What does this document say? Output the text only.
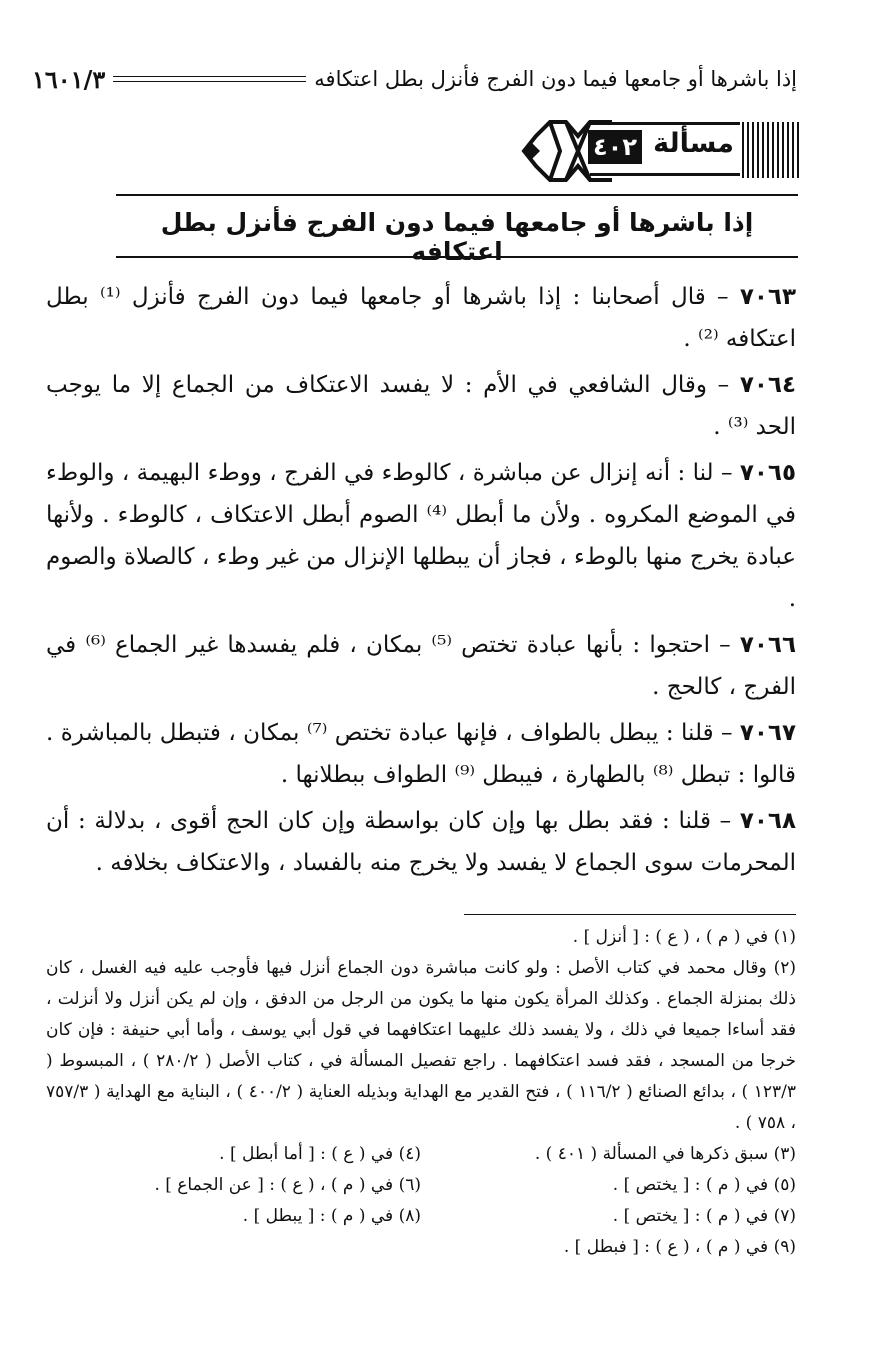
إذا باشرها أو جامعها فيما دون الفرج فأنزل بطل اعتكافه
١٦٠١/٣
مسألة
٤٠٢
إذا باشرها أو جامعها فيما دون الفرج فأنزل بطل اعتكافه

٧٠٦٣ – قال أصحابنا : إذا باشرها أو جامعها فيما دون الفرج فأنزل ⁽¹⁾ بطل اعتكافه ⁽²⁾ .

٧٠٦٤ – وقال الشافعي في الأم : لا يفسد الاعتكاف من الجماع إلا ما يوجب الحد ⁽³⁾ .

٧٠٦٥ – لنا : أنه إنزال عن مباشرة ، كالوطء في الفرج ، ووطء البهيمة ، والوطء في الموضع المكروه . ولأن ما أبطل ⁽⁴⁾ الصوم أبطل الاعتكاف ، كالوطء . ولأنها عبادة يخرج منها بالوطء ، فجاز أن يبطلها الإنزال من غير وطء ، كالصلاة والصوم .

٧٠٦٦ – احتجوا : بأنها عبادة تختص ⁽⁵⁾ بمكان ، فلم يفسدها غير الجماع ⁽⁶⁾ في الفرج ، كالحج .

٧٠٦٧ – قلنا : يبطل بالطواف ، فإنها عبادة تختص ⁽⁷⁾ بمكان ، فتبطل بالمباشرة . قالوا : تبطل ⁽⁸⁾ بالطهارة ، فيبطل ⁽⁹⁾ الطواف ببطلانها .

٧٠٦٨ – قلنا : فقد بطل بها وإن كان بواسطة وإن كان الحج أقوى ، بدلالة : أن المحرمات سوى الجماع لا يفسد ولا يخرج منه بالفساد ، والاعتكاف بخلافه .

(١) في ( م ) ، ( ع ) : [ أنزل ] .

(٢) وقال محمد في كتاب الأصل : ولو كانت مباشرة دون الجماع أنزل فيها فأوجب عليه فيه الغسل ، كان ذلك بمنزلة الجماع . وكذلك المرأة يكون منها ما يكون من الرجل من الدفق ، وإن لم يكن أنزل ولا أنزلت ، فقد أساءا جميعا في ذلك ، ولا يفسد ذلك عليهما اعتكافهما في قول أبي يوسف ، وأما أبي حنيفة : فإن كان خرجا من المسجد ، فقد فسد اعتكافهما . راجع تفصيل المسألة في ، كتاب الأصل ( ٢٨٠/٢ ) ، المبسوط ( ١٢٣/٣ ) ، بدائع الصنائع ( ١١٦/٢ ) ، فتح القدير مع الهداية وبذيله العناية ( ٤٠٠/٢ ) ، البناية مع الهداية ( ٧٥٧/٣ ، ٧٥٨ ) .

(٣) سبق ذكرها في المسألة ( ٤٠١ ) .

(٤) في ( ع ) : [ أما أبطل ] .

(٥) في ( م ) : [ يختص ] .

(٦) في ( م ) ، ( ع ) : [ عن الجماع ] .

(٧) في ( م ) : [ يختص ] .

(٨) في ( م ) : [ يبطل ] .

(٩) في ( م ) ، ( ع ) : [ فبطل ] .
